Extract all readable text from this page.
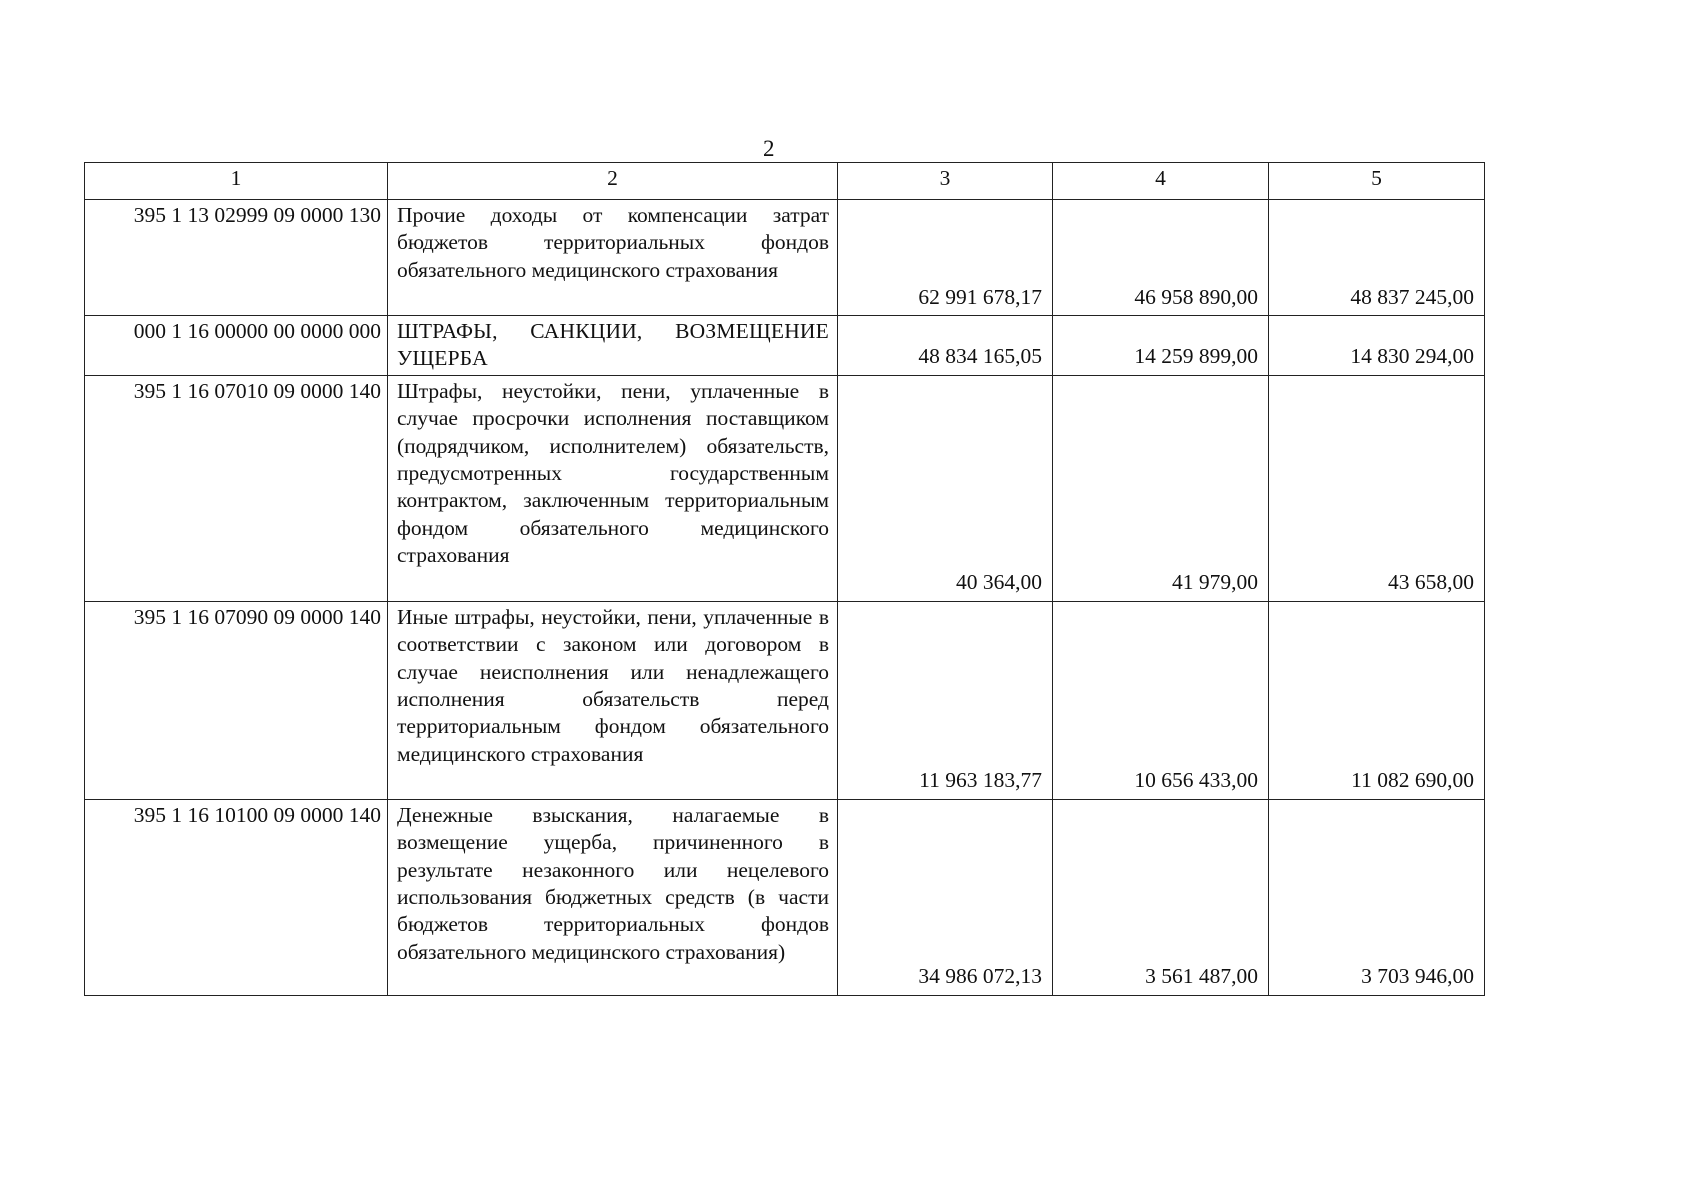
2
1	2	3	4	5
395 1 13 02999 09 0000 130	Прочие доходы от компенсации затрат бюджетов территориальных фондов обязательного медицинского страхования	62 991 678,17	46 958 890,00	48 837 245,00
000 1 16 00000 00 0000 000	ШТРАФЫ, САНКЦИИ, ВОЗМЕЩЕНИЕ УЩЕРБА	48 834 165,05	14 259 899,00	14 830 294,00
395 1 16 07010 09 0000 140	Штрафы, неустойки, пени, уплаченные в случае просрочки исполнения поставщиком (подрядчиком, исполнителем) обязательств, предусмотренных государственным контрактом, заключенным территориальным фондом обязательного медицинского страхования	40 364,00	41 979,00	43 658,00
395 1 16 07090 09 0000 140	Иные штрафы, неустойки, пени, уплаченные в соответствии с законом или договором в случае неисполнения или ненадлежащего исполнения обязательств перед территориальным фондом обязательного медицинского страхования	11 963 183,77	10 656 433,00	11 082 690,00
395 1 16 10100 09 0000 140	Денежные взыскания, налагаемые в возмещение ущерба, причиненного в результате незаконного или нецелевого использования бюджетных средств (в части бюджетов территориальных фондов обязательного медицинского страхования)	34 986 072,13	3 561 487,00	3 703 946,00
